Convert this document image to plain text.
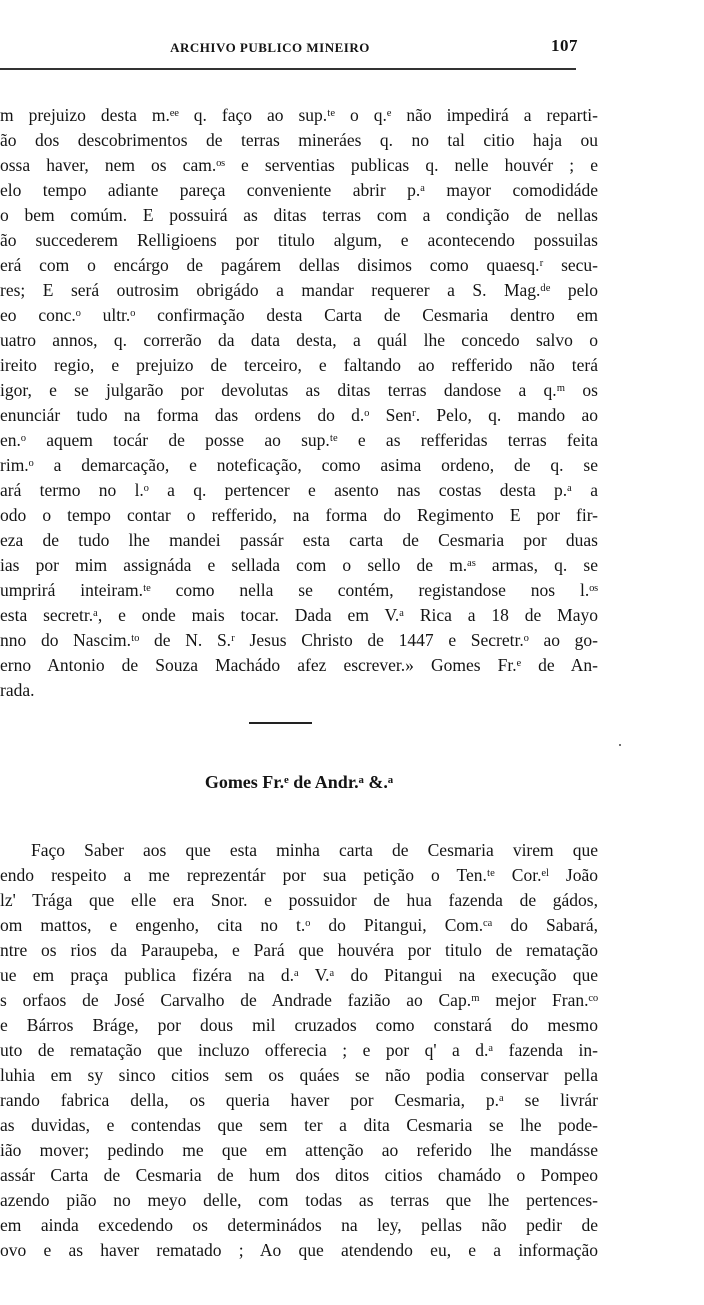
ARCHIVO PUBLICO MINEIRO	107
m prejuizo desta m.ᵉᵉ q. faço ao sup.ᵗᵉ o q.ᵉ não impedirá a reparti-
ão dos descobrimentos de terras mineráes q. no tal citio haja ou
ossa haver, nem os cam.ᵒˢ e serventias publicas q. nelle houvér ; e
elo tempo adiante pareça conveniente abrir p.ᵃ mayor comodidáde
o bem comúm. E possuirá as ditas terras com a condição de nellas
ão succederem Relligioens por titulo algum, e acontecendo possuilas
erá com o encárgo de pagárem dellas disimos como quaesq.ʳ secu-
res; E será outrosim obrigádo a mandar requerer a S. Mag.ᵈᵉ pelo
eo conc.ᵒ ultr.ᵒ confirmação desta Carta de Cesmaria dentro em
uatro annos, q. correrão da data desta, a quál lhe concedo salvo o
ireito regio, e prejuizo de terceiro, e faltando ao refferido não terá
igor, e se julgarão por devolutas as ditas terras dandose a q.ᵐ os
enunciár tudo na forma das ordens do d.ᵒ Senʳ. Pelo, q. mando ao
en.ᵒ aquem tocár de posse ao sup.ᵗᵉ e as refferidas terras feita
rim.ᵒ a demarcação, e noteficação, como asima ordeno, de q. se
ará termo no l.ᵒ a q. pertencer e asento nas costas desta p.ᵃ a
odo o tempo contar o refferido, na forma do Regimento E por fir-
eza de tudo lhe mandei passár esta carta de Cesmaria por duas
ias por mim assignáda e sellada com o sello de m.ᵃˢ armas, q. se
umprirá inteiram.ᵗᵉ como nella se contém, registandose nos l.ᵒˢ
esta secretr.ᵃ, e onde mais tocar. Dada em V.ᵃ Rica a 18 de Mayo
nno do Nascim.ᵗᵒ de N. S.ʳ Jesus Christo de 1447 e Secretr.ᵒ ao go-
erno Antonio de Souza Machádo afez escrever.» Gomes Fr.ᵉ de An-
rada.
Gomes Fr.ᵉ de Andr.ᵃ &.ᵃ
Faço Saber aos que esta minha carta de Cesmaria virem que
endo respeito a me reprezentár por sua petição o Ten.ᵗᵉ Cor.ᵉˡ João
lz' Trága que elle era Snor. e possuidor de hua fazenda de gádos,
om mattos, e engenho, cita no t.ᵒ do Pitangui, Com.ᶜᵃ do Sabará,
ntre os rios da Paraupeba, e Pará que houvéra por titulo de rematação
ue em praça publica fizéra na d.ᵃ V.ᵃ do Pitangui na execução que
s orfaos de José Carvalho de Andrade fazião ao Cap.ᵐ mejor Fran.ᶜᵒ
e Bárros Bráge, por dous mil cruzados como constará do mesmo
uto de rematação que incluzo offerecia ; e por q' a d.ᵃ fazenda in-
luhia em sy sinco citios sem os quáes se não podia conservar pella
rando fabrica della, os queria haver por Cesmaria, p.ᵃ se livrár
as duvidas, e contendas que sem ter a dita Cesmaria se lhe pode-
ião mover; pedindo me que em attenção ao referido lhe mandásse
assár Carta de Cesmaria de hum dos ditos citios chamádo o Pompeo
azendo pião no meyo delle, com todas as terras que lhe pertences-
em ainda excedendo os determinádos na ley, pellas não pedir de
ovo e as haver rematado ; Ao que atendendo eu, e a informação
